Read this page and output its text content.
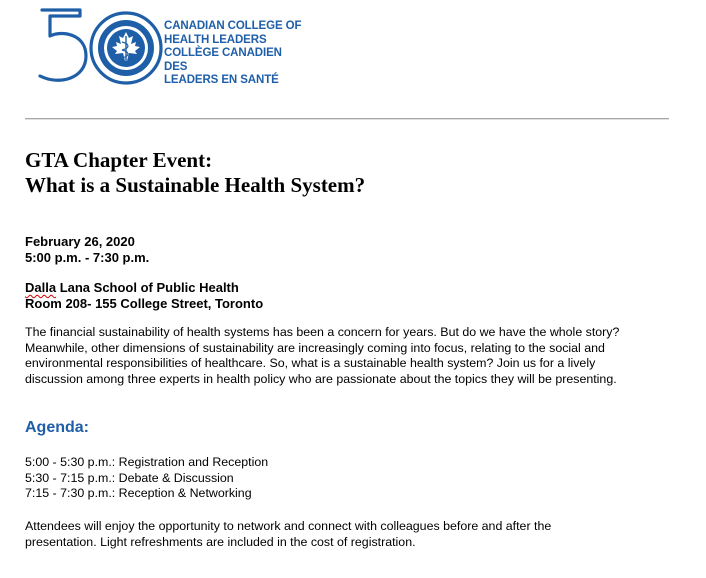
CANADIAN COLLEGE OF
HEALTH LEADERS
COLLÈGE CANADIEN DES
LEADERS EN SANTÉ
GTA Chapter Event:
What is a Sustainable Health System?
February 26, 2020
5:00 p.m. - 7:30 p.m.
Dalla Lana School of Public Health
Room 208- 155 College Street, Toronto
The financial sustainability of health systems has been a concern for years. But do we have the whole story?
Meanwhile, other dimensions of sustainability are increasingly coming into focus, relating to the social and
environmental responsibilities of healthcare. So, what is a sustainable health system? Join us for a lively
discussion among three experts in health policy who are passionate about the topics they will be presenting.
Agenda:
5:00 - 5:30 p.m.: Registration and Reception
5:30 - 7:15 p.m.: Debate & Discussion
7:15 - 7:30 p.m.: Reception & Networking
Attendees will enjoy the opportunity to network and connect with colleagues before and after the
presentation. Light refreshments are included in the cost of registration.
